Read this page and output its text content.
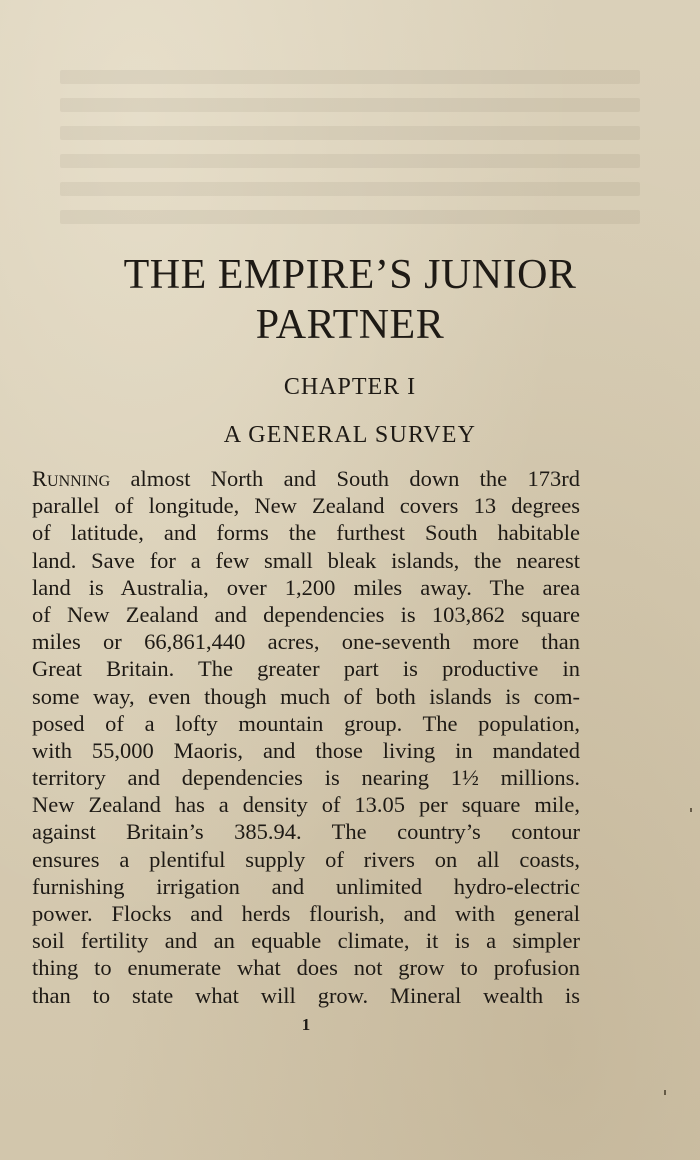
THE EMPIRE’S JUNIOR
PARTNER
CHAPTER I
A GENERAL SURVEY
Running almost North and South down the 173rd
parallel of longitude, New Zealand covers 13 degrees
of latitude, and forms the furthest South habitable
land. Save for a few small bleak islands, the nearest
land is Australia, over 1,200 miles away. The area
of New Zealand and dependencies is 103,862 square
miles or 66,861,440 acres, one-seventh more than
Great Britain. The greater part is productive in
some way, even though much of both islands is com-
posed of a lofty mountain group. The population,
with 55,000 Maoris, and those living in mandated
territory and dependencies is nearing 1½ millions.
New Zealand has a density of 13.05 per square mile,
against Britain’s 385.94. The country’s contour
ensures a plentiful supply of rivers on all coasts,
furnishing irrigation and unlimited hydro-electric
power. Flocks and herds flourish, and with general
soil fertility and an equable climate, it is a simpler
thing to enumerate what does not grow to profusion
than to state what will grow. Mineral wealth is
1
